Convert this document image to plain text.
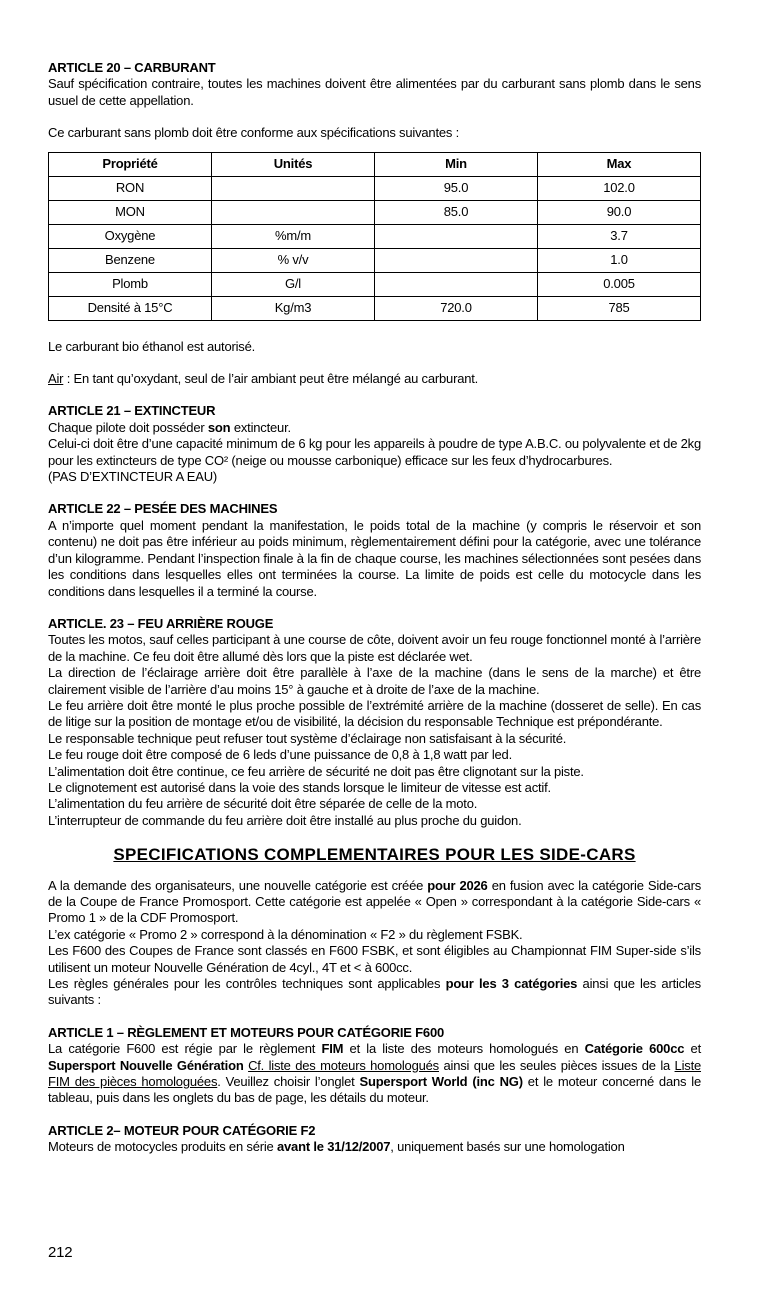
ARTICLE 20 – CARBURANT

Sauf spécification contraire, toutes les machines doivent être alimentées par du carburant sans plomb dans le sens usuel de cette appellation.

Ce carburant sans plomb doit être conforme aux spécifications suivantes :

Propriété	Unités	Min	Max
RON		95.0	102.0
MON		85.0	90.0
Oxygène	%m/m		3.7
Benzene	% v/v		1.0
Plomb	G/l		0.005
Densité à 15°C	Kg/m3	720.0	785

Le carburant bio éthanol est autorisé.

Air : En tant qu’oxydant, seul de l’air ambiant peut être mélangé au carburant.

ARTICLE 21 – EXTINCTEUR

Chaque pilote doit posséder son extincteur.

Celui-ci doit être d’une capacité minimum de 6 kg pour les appareils à poudre de type A.B.C. ou polyvalente et de 2kg pour les extincteurs de type CO² (neige ou mousse carbonique) efficace sur les feux d’hydrocarbures.

(PAS D’EXTINCTEUR A EAU)

ARTICLE 22 – PESÉE DES MACHINES

A n’importe quel moment pendant la manifestation, le poids total de la machine (y compris le réservoir et son contenu) ne doit pas être inférieur au poids minimum, règlementairement défini pour la catégorie, avec une tolérance d’un kilogramme. Pendant l’inspection finale à la fin de chaque course, les machines sélectionnées sont pesées dans les conditions dans lesquelles elles ont terminées la course. La limite de poids est celle du motocycle dans les conditions dans lesquelles il a terminé la course.

ARTICLE. 23 – FEU ARRIÈRE ROUGE

Toutes les motos, sauf celles participant à une course de côte, doivent avoir un feu rouge fonctionnel monté à l’arrière de la machine. Ce feu doit être allumé dès lors que la piste est déclarée wet.

La direction de l’éclairage arrière doit être parallèle à l’axe de la machine (dans le sens de la marche) et être clairement visible de l’arrière d’au moins 15° à gauche et à droite de l’axe de la machine.

Le feu arrière doit être monté le plus proche possible de l’extrémité arrière de la machine (dosseret de selle). En cas de litige sur la position de montage et/ou de visibilité, la décision du responsable Technique est prépondérante.

Le responsable technique peut refuser tout système d’éclairage non satisfaisant à la sécurité.

Le feu rouge doit être composé de 6 leds d’une puissance de 0,8 à 1,8 watt par led.

L’alimentation doit être continue, ce feu arrière de sécurité ne doit pas être clignotant sur la piste.

Le clignotement est autorisé dans la voie des stands lorsque le limiteur de vitesse est actif.

L’alimentation du feu arrière de sécurité doit être séparée de celle de la moto.

L’interrupteur de commande du feu arrière doit être installé au plus proche du guidon.

SPECIFICATIONS COMPLEMENTAIRES POUR LES SIDE-CARS

A la demande des organisateurs, une nouvelle catégorie est créée pour 2026 en fusion avec la catégorie Side-cars de la Coupe de France Promosport. Cette catégorie est appelée « Open » correspondant à la catégorie Side-cars « Promo 1 » de la CDF Promosport.

L’ex catégorie « Promo 2 » correspond à la dénomination « F2 » du règlement FSBK.

Les F600 des Coupes de France sont classés en F600 FSBK, et sont éligibles au Championnat FIM Super-side s’ils utilisent un moteur Nouvelle Génération de 4cyl., 4T et < à 600cc.

Les règles générales pour les contrôles techniques sont applicables pour les 3 catégories ainsi que les articles suivants :

ARTICLE 1 – RÈGLEMENT ET MOTEURS POUR CATÉGORIE F600

La catégorie F600 est régie par le règlement FIM et la liste des moteurs homologués en Catégorie 600cc et Supersport Nouvelle Génération Cf. liste des moteurs homologués ainsi que les seules pièces issues de la Liste FIM des pièces homologuées. Veuillez choisir l’onglet Supersport World (inc NG) et le moteur concerné dans le tableau, puis dans les onglets du bas de page, les détails du moteur.

ARTICLE 2– MOTEUR POUR CATÉGORIE F2

Moteurs de motocycles produits en série avant le 31/12/2007, uniquement basés sur une homologation

212
